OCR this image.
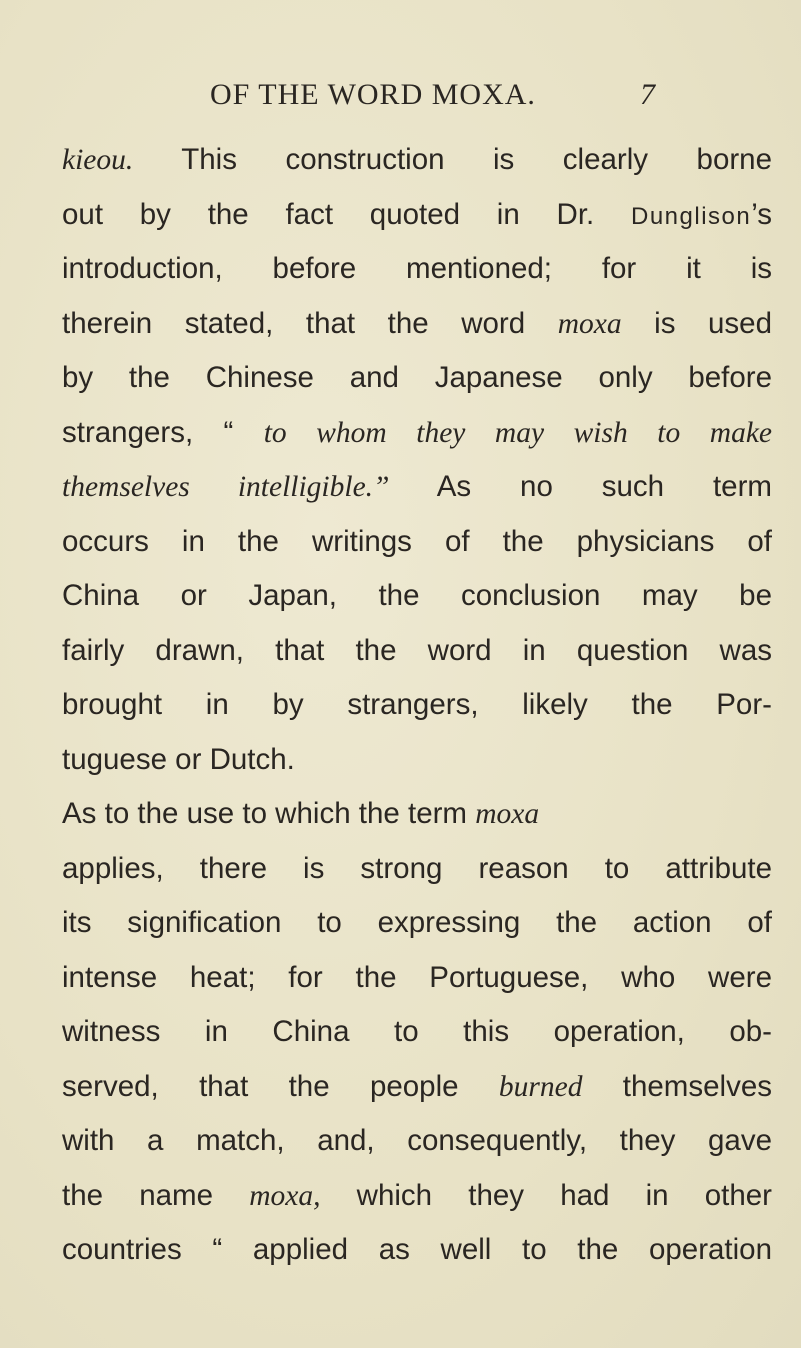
OF THE WORD MOXA.	7
kieou. This construction is clearly borne
out by the fact quoted in Dr. Dunglison’s
introduction, before mentioned; for it is
therein stated, that the word moxa is used
by the Chinese and Japanese only before
strangers, “ to whom they may wish to make
themselves intelligible.” As no such term
occurs in the writings of the physicians of
China or Japan, the conclusion may be
fairly drawn, that the word in question was
brought in by strangers, likely the Por-
tuguese or Dutch.
As to the use to which the term moxa
applies, there is strong reason to attribute
its signification to expressing the action of
intense heat; for the Portuguese, who were
witness in China to this operation, ob-
served, that the people burned themselves
with a match, and, consequently, they gave
the name moxa, which they had in other
countries “ applied as well to the operation
